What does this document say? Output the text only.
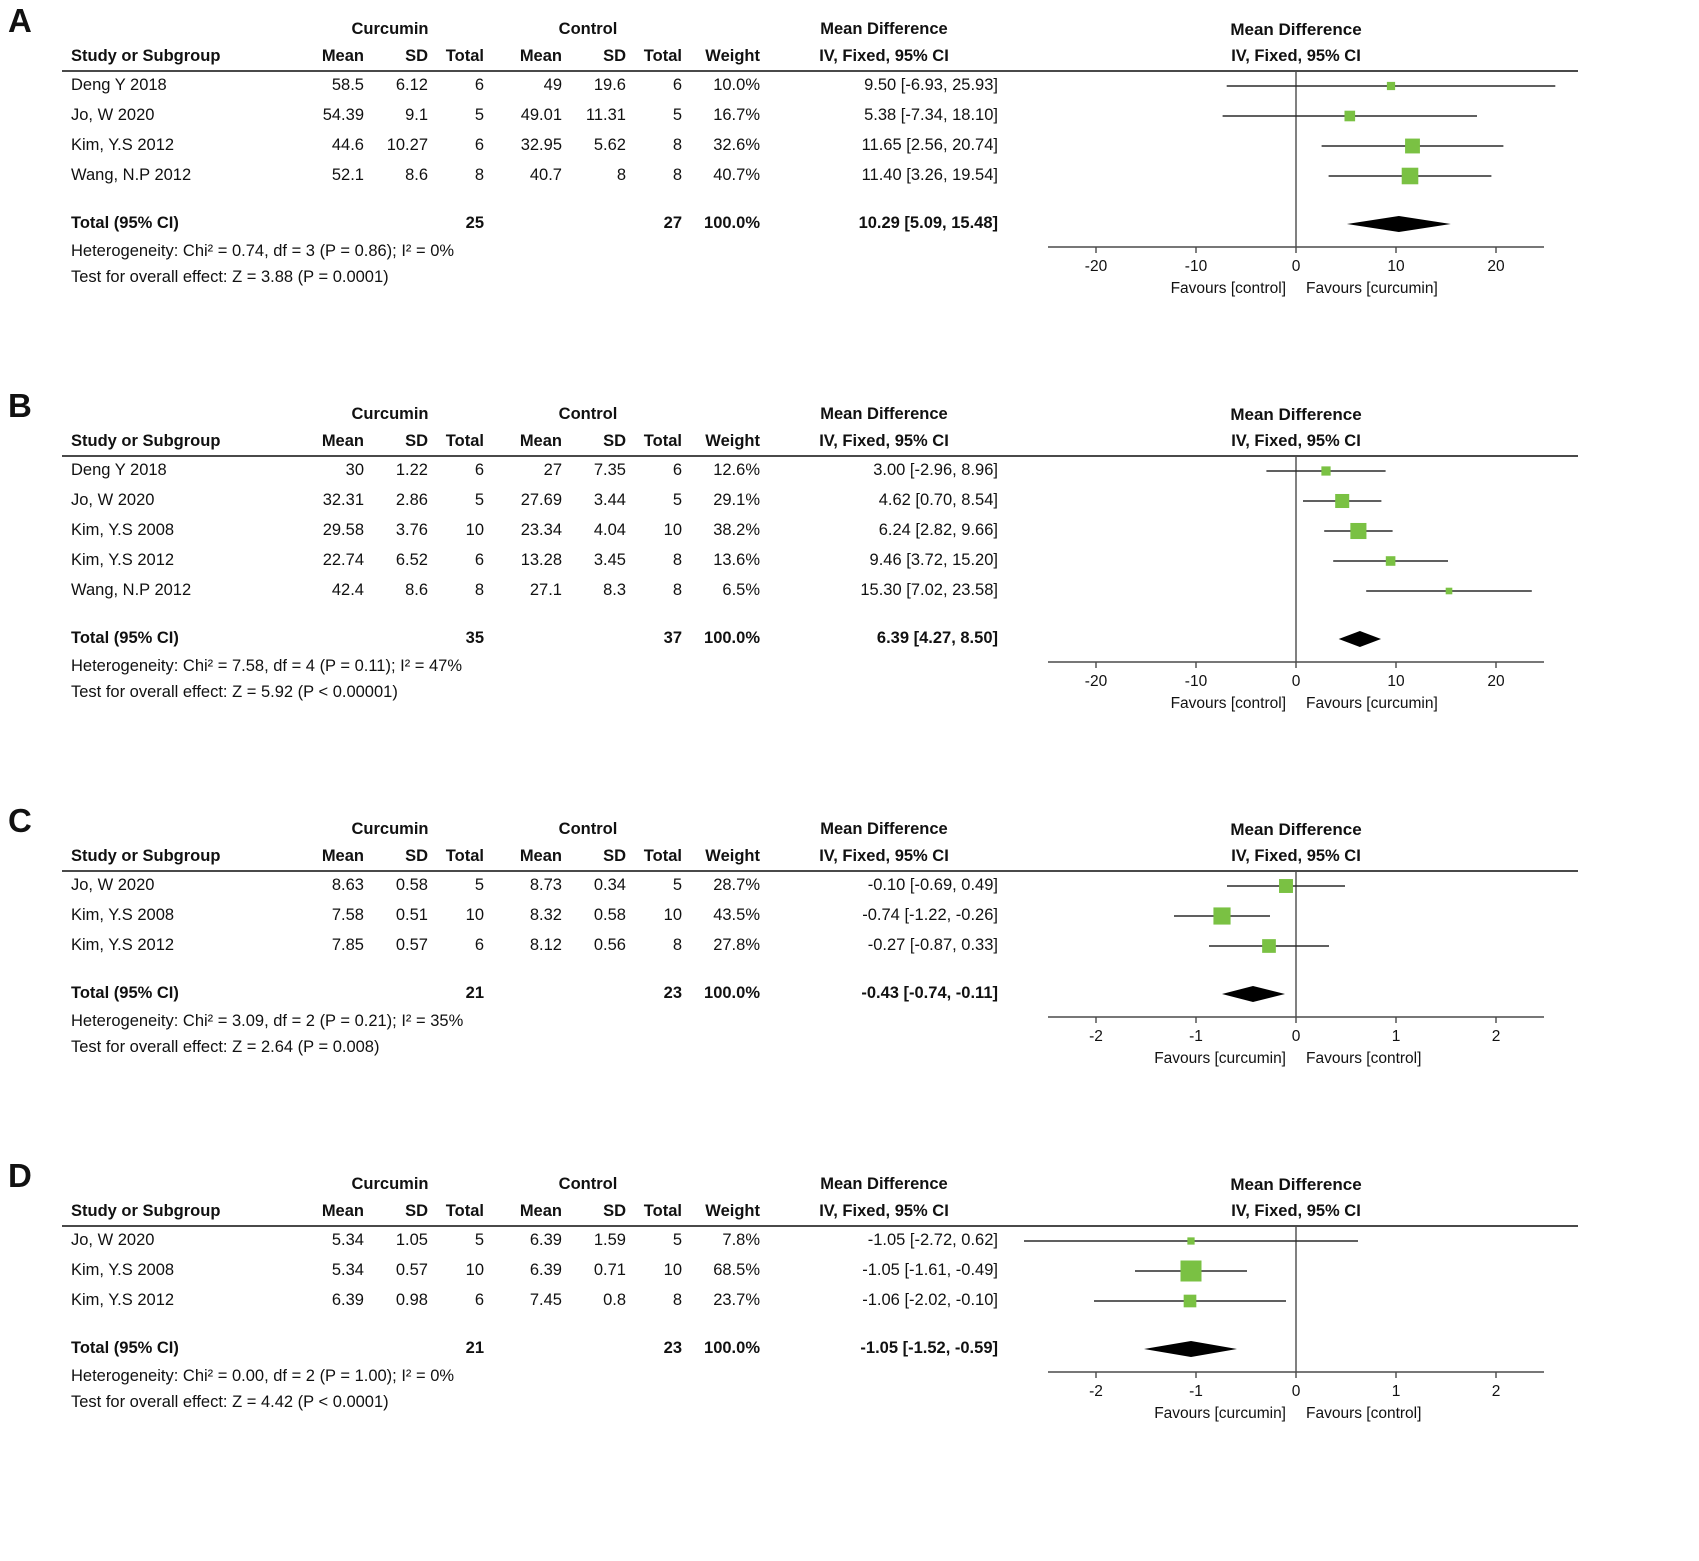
A
		Curcumin			Control				Mean Difference
Study or Subgroup	Mean	SD	Total	Mean	SD	Total	Weight	IV, Fixed, 95% CI
Deng Y 2018	58.5	6.12	6	49	19.6	6	10.0%	9.50 [-6.93, 25.93]
Jo, W 2020	54.39	9.1	5	49.01	11.31	5	16.7%	5.38 [-7.34, 18.10]
Kim, Y.S 2012	44.6	10.27	6	32.95	5.62	8	32.6%	11.65 [2.56, 20.74]
Wang, N.P 2012	52.1	8.6	8	40.7	8	8	40.7%	11.40 [3.26, 19.54]

Total (95% CI)			25			27	100.0%	10.29 [5.09, 15.48]
Heterogeneity: Chi² = 0.74, df = 3 (P = 0.86); I² = 0%								
Test for overall effect: Z = 3.88 (P = 0.0001)								
Mean Difference
IV, Fixed, 95% CI
-20	-10	0	10	20
Favours [control] Favours [curcumin]
B
		Curcumin			Control				Mean Difference
Study or Subgroup	Mean	SD	Total	Mean	SD	Total	Weight	IV, Fixed, 95% CI
Deng Y 2018	30	1.22	6	27	7.35	6	12.6%	3.00 [-2.96, 8.96]
Jo, W 2020	32.31	2.86	5	27.69	3.44	5	29.1%	4.62 [0.70, 8.54]
Kim, Y.S 2008	29.58	3.76	10	23.34	4.04	10	38.2%	6.24 [2.82, 9.66]
Kim, Y.S 2012	22.74	6.52	6	13.28	3.45	8	13.6%	9.46 [3.72, 15.20]
Wang, N.P 2012	42.4	8.6	8	27.1	8.3	8	6.5%	15.30 [7.02, 23.58]

Total (95% CI)			35			37	100.0%	6.39 [4.27, 8.50]
Heterogeneity: Chi² = 7.58, df = 4 (P = 0.11); I² = 47%								
Test for overall effect: Z = 5.92 (P < 0.00001)								
Mean Difference
IV, Fixed, 95% CI
-20	-10	0	10	20
Favours [control] Favours [curcumin]
C
		Curcumin			Control				Mean Difference
Study or Subgroup	Mean	SD	Total	Mean	SD	Total	Weight	IV, Fixed, 95% CI
Jo, W 2020	8.63	0.58	5	8.73	0.34	5	28.7%	-0.10 [-0.69, 0.49]
Kim, Y.S 2008	7.58	0.51	10	8.32	0.58	10	43.5%	-0.74 [-1.22, -0.26]
Kim, Y.S 2012	7.85	0.57	6	8.12	0.56	8	27.8%	-0.27 [-0.87, 0.33]

Total (95% CI)			21			23	100.0%	-0.43 [-0.74, -0.11]
Heterogeneity: Chi² = 3.09, df = 2 (P = 0.21); I² = 35%								
Test for overall effect: Z = 2.64 (P = 0.008)								
Mean Difference
IV, Fixed, 95% CI
-2	-1	0	1	2
Favours [curcumin] Favours [control]
D
		Curcumin			Control				Mean Difference
Study or Subgroup	Mean	SD	Total	Mean	SD	Total	Weight	IV, Fixed, 95% CI
Jo, W 2020	5.34	1.05	5	6.39	1.59	5	7.8%	-1.05 [-2.72, 0.62]
Kim, Y.S 2008	5.34	0.57	10	6.39	0.71	10	68.5%	-1.05 [-1.61, -0.49]
Kim, Y.S 2012	6.39	0.98	6	7.45	0.8	8	23.7%	-1.06 [-2.02, -0.10]

Total (95% CI)			21			23	100.0%	-1.05 [-1.52, -0.59]
Heterogeneity: Chi² = 0.00, df = 2 (P = 1.00); I² = 0%								
Test for overall effect: Z = 4.42 (P < 0.0001)								
Mean Difference
IV, Fixed, 95% CI
-2	-1	0	1	2
Favours [curcumin] Favours [control]
